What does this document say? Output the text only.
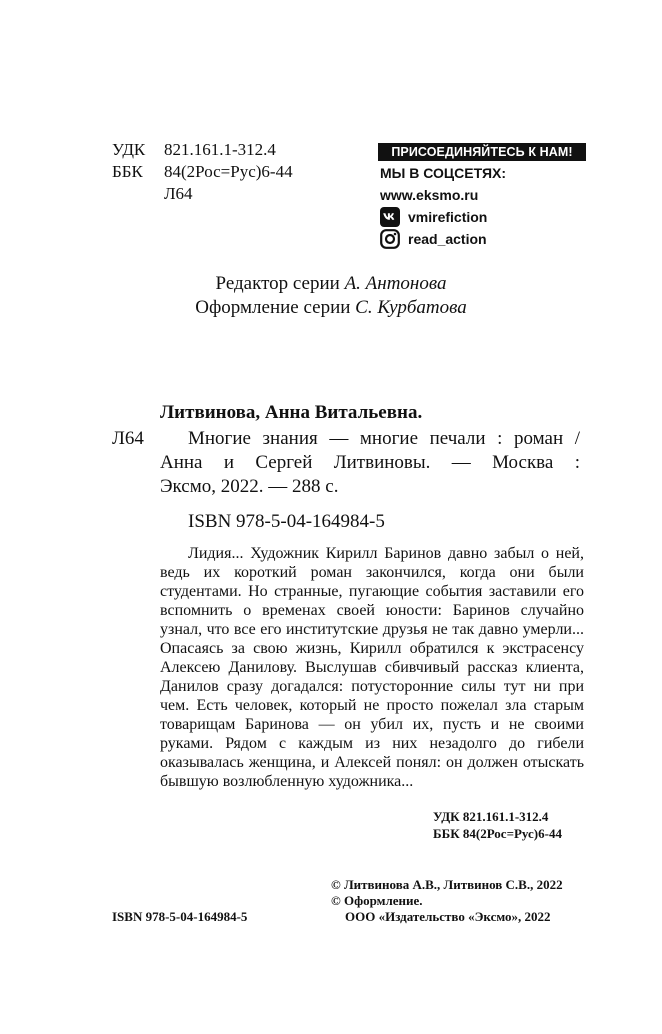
УДК 821.161.1-312.4
ББК 84(2Рос=Рус)6-44
Л64
ПРИСОЕДИНЯЙТЕСЬ К НАМ!
МЫ В СОЦСЕТЯХ:
www.eksmo.ru
vmirefiction
read_action
Редактор серии А. Антонова
Оформление серии С. Курбатова
Литвинова, Анна Витальевна.
Л64	Многие знания — многие печали : роман /
Анна и Сергей Литвиновы. — Москва :
Эксмо, 2022. — 288 с.
ISBN 978-5-04-164984-5
Лидия... Художник Кирилл Баринов давно забыл о ней, ведь их короткий роман закончился, когда они были студентами. Но странные, пугающие события заставили его вспомнить о временах своей юности: Баринов случайно узнал, что все его институтские друзья не так давно умерли... Опасаясь за свою жизнь, Кирилл обратился к экстрасенсу Алексею Данилову. Выслушав сбивчивый рассказ клиента, Данилов сразу догадался: потусторонние силы тут ни при чем. Есть человек, который не просто пожелал зла старым товарищам Баринова — он убил их, пусть и не своими руками. Рядом с каждым из них незадолго до гибели оказывалась женщина, и Алексей понял: он должен отыскать бывшую возлюбленную художника...
УДК 821.161.1-312.4
ББК 84(2Рос=Рус)6-44
© Литвинова А.В., Литвинов С.В., 2022
© Оформление.
ООО «Издательство «Эксмо», 2022
ISBN 978-5-04-164984-5
